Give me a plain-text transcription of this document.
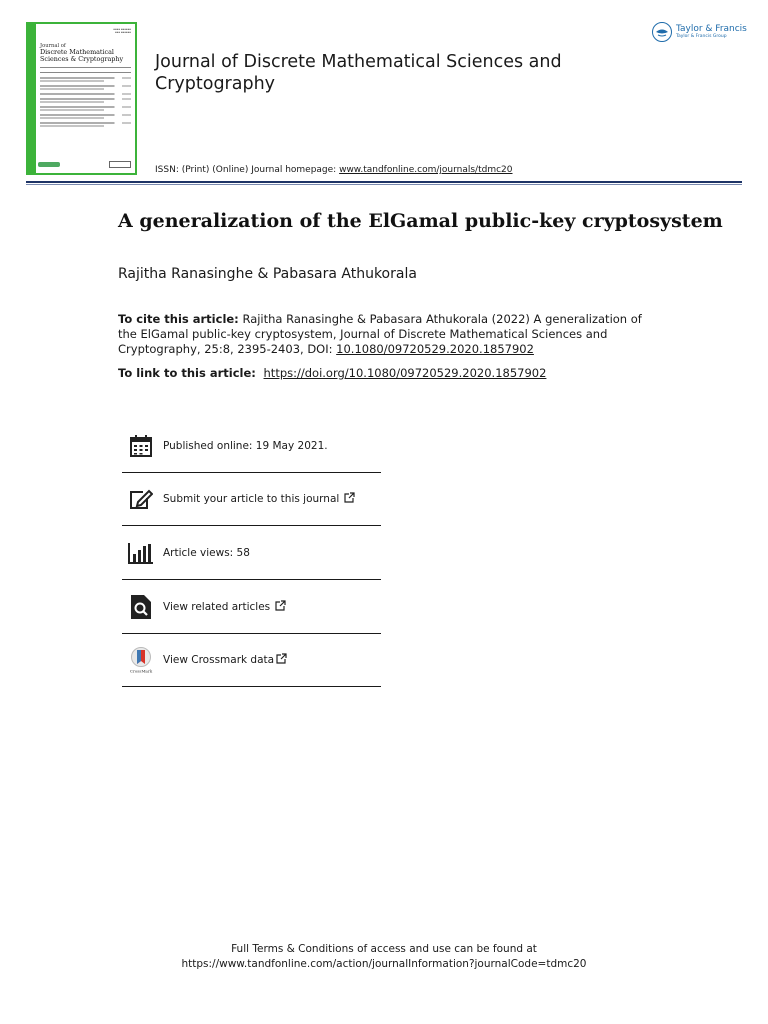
▪▪▪▪ ▪▪▪▪▪▪
▪▪▪ ▪▪▪▪▪▪
Journal of
Discrete Mathematical Sciences & Cryptography	Journal of Discrete Mathematical Sciences and Cryptography
ISSN: (Print) (Online) Journal homepage: www.tandfonline.com/journals/tdmc20
Taylor & Francis
Taylor & Francis Group
A generalization of the ElGamal public-key cryptosystem
Rajitha Ranasinghe & Pabasara Athukorala
To cite this article: Rajitha Ranasinghe & Pabasara Athukorala (2022) A generalization of the ElGamal public-key cryptosystem, Journal of Discrete Mathematical Sciences and Cryptography, 25:8, 2395-2403, DOI: 10.1080/09720529.2020.1857902
To link to this article:  https://doi.org/10.1080/09720529.2020.1857902
Published online: 19 May 2021.
Submit your article to this journal
Article views: 58
View related articles
CrossMark
View Crossmark data
Full Terms & Conditions of access and use can be found at
https://www.tandfonline.com/action/journalInformation?journalCode=tdmc20
